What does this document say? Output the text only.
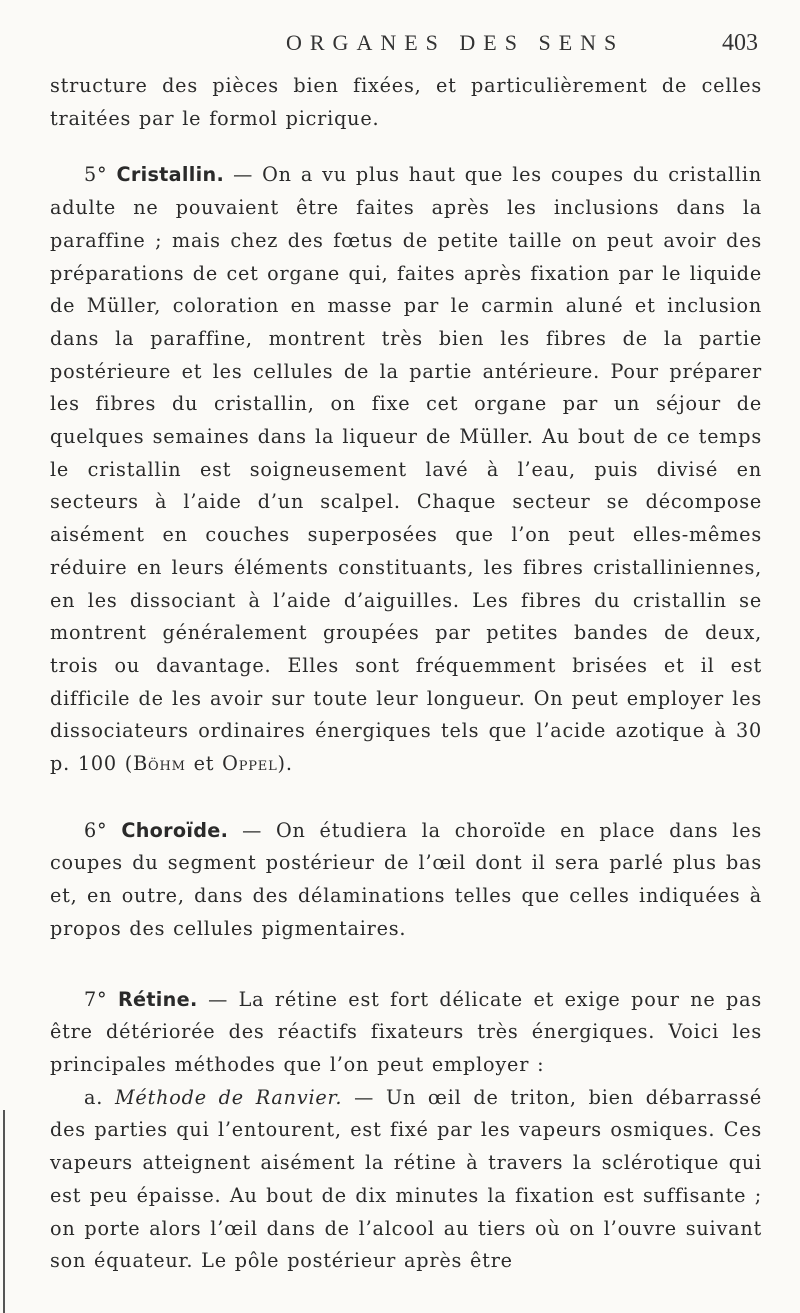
ORGANES DES SENS	403

structure des pièces bien fixées, et particulièrement de celles traitées par le formol picrique.

5° Cristallin. — On a vu plus haut que les coupes du cristallin adulte ne pouvaient être faites après les inclusions dans la paraffine ; mais chez des fœtus de petite taille on peut avoir des préparations de cet organe qui, faites après fixation par le liquide de Müller, coloration en masse par le carmin aluné et inclusion dans la paraffine, montrent très bien les fibres de la partie postérieure et les cellules de la partie antérieure. Pour préparer les fibres du cristallin, on fixe cet organe par un séjour de quelques semaines dans la liqueur de Müller. Au bout de ce temps le cristallin est soigneusement lavé à l’eau, puis divisé en secteurs à l’aide d’un scalpel. Chaque secteur se décompose aisément en couches superposées que l’on peut elles-mêmes réduire en leurs éléments constituants, les fibres cristalliniennes, en les dissociant à l’aide d’aiguilles. Les fibres du cristallin se montrent généralement groupées par petites bandes de deux, trois ou davantage. Elles sont fréquemment brisées et il est difficile de les avoir sur toute leur longueur. On peut employer les dissociateurs ordinaires énergiques tels que l’acide azotique à 30 p. 100 (Böhm et Oppel).

6° Choroïde. — On étudiera la choroïde en place dans les coupes du segment postérieur de l’œil dont il sera parlé plus bas et, en outre, dans des délaminations telles que celles indiquées à propos des cellules pigmentaires.

7° Rétine. — La rétine est fort délicate et exige pour ne pas être détériorée des réactifs fixateurs très énergiques. Voici les principales méthodes que l’on peut employer :

a. Méthode de Ranvier. — Un œil de triton, bien débarrassé des parties qui l’entourent, est fixé par les vapeurs osmiques. Ces vapeurs atteignent aisément la rétine à travers la sclérotique qui est peu épaisse. Au bout de dix minutes la fixation est suffisante ; on porte alors l’œil dans de l’alcool au tiers où on l’ouvre suivant son équateur. Le pôle postérieur après être
